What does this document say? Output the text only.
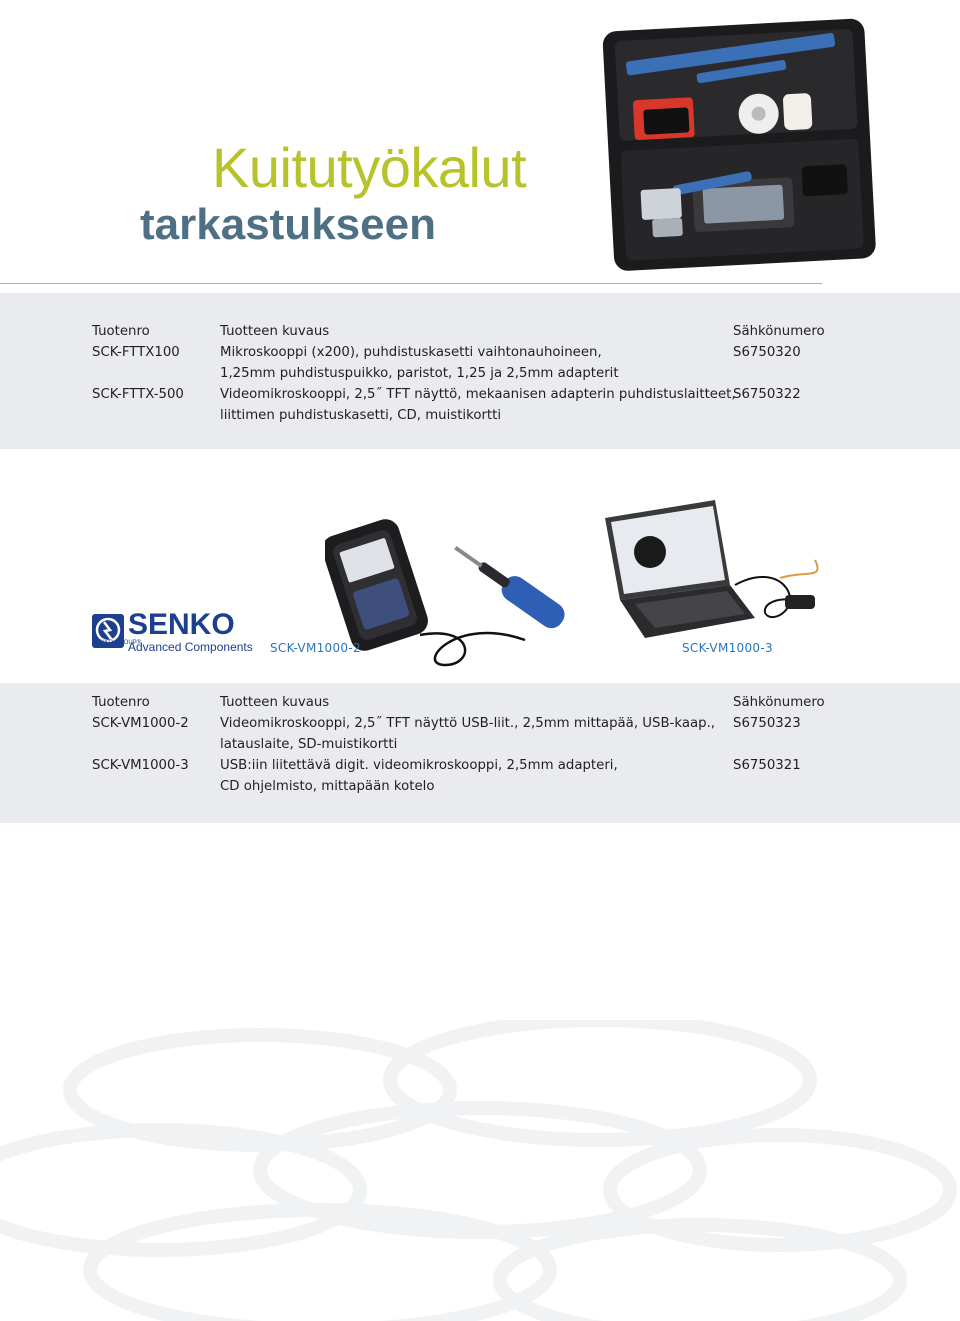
Kuitutyökalut
tarkastukseen
Tuotenro	Tuotteen kuvaus	Sähkönumero
SCK-FTTX100	Mikroskooppi (x200), puhdistuskasetti vaihtonauhoineen,
1,25mm puhdistuspuikko, paristot, 1,25 ja 2,5mm adapterit
S6750320
SCK-FTTX-500	Videomikroskooppi, 2,5˝ TFT näyttö, mekaanisen adapterin puhdistuslaitteet,
liittimen puhdistuskasetti, CD, muistikortti
S6750322
SENKO
SENKO GROUP®
Advanced Components SCK-VM1000-2	SCK-VM1000-3
Tuotenro	Tuotteen kuvaus	Sähkönumero
SCK-VM1000-2 Videomikroskooppi, 2,5˝ TFT näyttö USB-liit., 2,5mm mittapää, USB-kaap.,
latauslaite, SD-muistikortti
S6750323
SCK-VM1000-3 USB:iin liitettävä digit. videomikroskooppi, 2,5mm adapteri,
CD ohjelmisto, mittapään kotelo
S6750321
